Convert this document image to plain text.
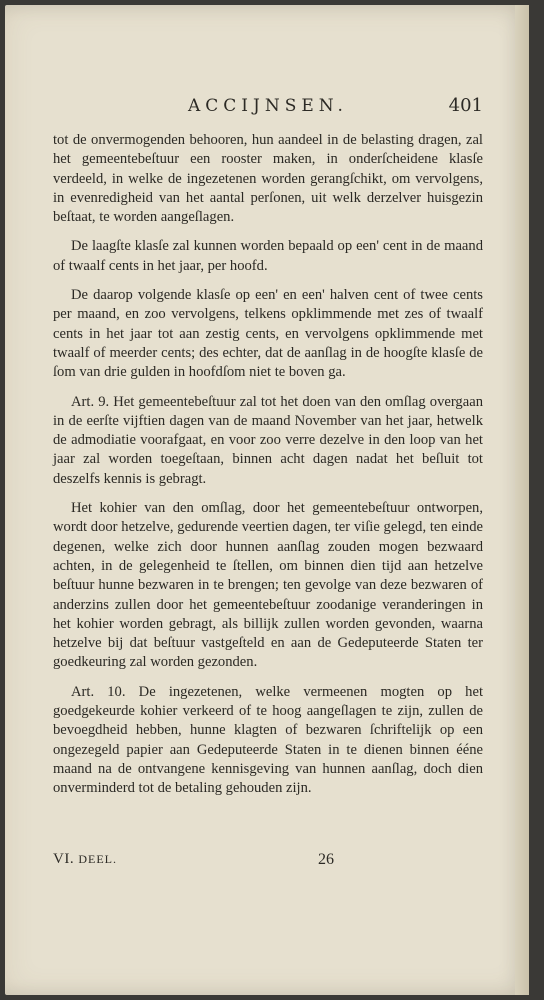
ACCIJNSEN.	401

tot de onvermogenden behooren, hun aandeel in de belasting dragen, zal het gemeentebeſtuur een rooster maken, in onderſcheidene klasſe verdeeld, in welke de ingezetenen worden gerangſchikt, om vervolgens, in evenredigheid van het aantal perſonen, uit welk derzelver huisgezin beſtaat, te worden aangeſlagen.

De laagſte klasſe zal kunnen worden bepaald op een' cent in de maand of twaalf cents in het jaar, per hoofd.

De daarop volgende klasſe op een' en een' halven cent of twee cents per maand, en zoo vervolgens, telkens opklimmende met zes of twaalf cents in het jaar tot aan zestig cents, en vervolgens opklimmende met twaalf of meerder cents; des echter, dat de aanſlag in de hoogſte klasſe de ſom van drie gulden in hoofdſom niet te boven ga.

Art. 9. Het gemeentebeſtuur zal tot het doen van den omſlag overgaan in de eerſte vijftien dagen van de maand November van het jaar, hetwelk de admodiatie voorafgaat, en voor zoo verre dezelve in den loop van het jaar zal worden toegeſtaan, binnen acht dagen nadat het beſluit tot deszelfs kennis is gebragt.

Het kohier van den omſlag, door het gemeentebeſtuur ontworpen, wordt door hetzelve, gedurende veertien dagen, ter viſie gelegd, ten einde degenen, welke zich door hunnen aanſlag zouden mogen bezwaard achten, in de gelegenheid te ſtellen, om binnen dien tijd aan hetzelve beſtuur hunne bezwaren in te brengen; ten gevolge van deze bezwaren of anderzins zullen door het gemeentebeſtuur zoodanige veranderingen in het kohier worden gebragt, als billijk zullen worden gevonden, waarna hetzelve bij dat beſtuur vastgeſteld en aan de Gedeputeerde Staten ter goedkeuring zal worden gezonden.

Art. 10. De ingezetenen, welke vermeenen mogten op het goedgekeurde kohier verkeerd of te hoog aangeſlagen te zijn, zullen de bevoegdheid hebben, hunne klagten of bezwaren ſchriftelijk op een ongezegeld papier aan Gedeputeerde Staten in te dienen binnen ééne maand na de ontvangene kennisgeving van hunnen aanſlag, doch dien onverminderd tot de betaling gehouden zijn.

VI. DEEL.	26
